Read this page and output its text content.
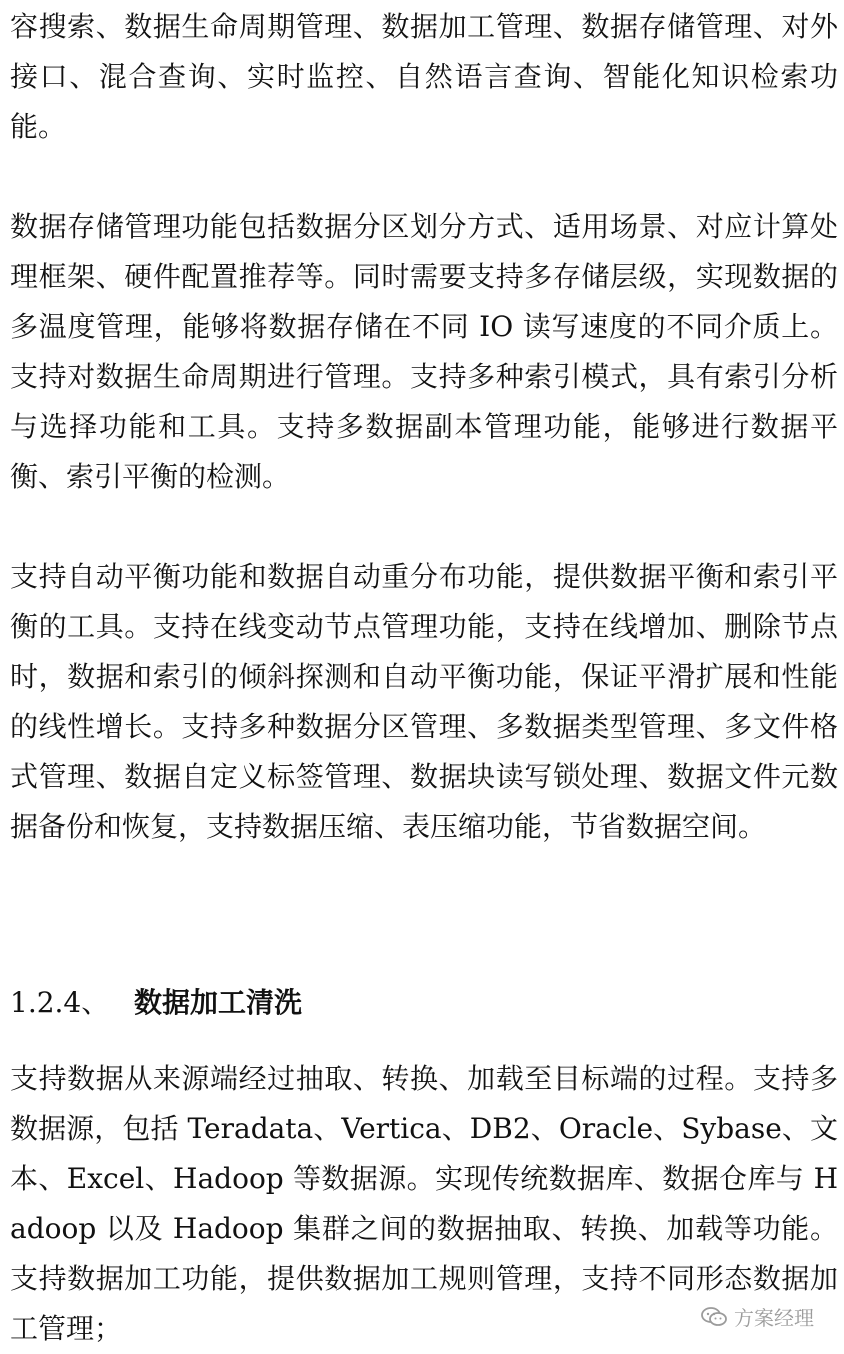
容搜索、数据生命周期管理、数据加工管理、数据存储管理、对外接口、混合查询、实时监控、自然语言查询、智能化知识检索功能。

数据存储管理功能包括数据分区划分方式、适用场景、对应计算处理框架、硬件配置推荐等。同时需要支持多存储层级，实现数据的多温度管理，能够将数据存储在不同 IO 读写速度的不同介质上。支持对数据生命周期进行管理。支持多种索引模式，具有索引分析与选择功能和工具。支持多数据副本管理功能，能够进行数据平衡、索引平衡的检测。

支持自动平衡功能和数据自动重分布功能，提供数据平衡和索引平衡的工具。支持在线变动节点管理功能，支持在线增加、删除节点时，数据和索引的倾斜探测和自动平衡功能，保证平滑扩展和性能的线性增长。支持多种数据分区管理、多数据类型管理、多文件格式管理、数据自定义标签管理、数据块读写锁处理、数据文件元数据备份和恢复，支持数据压缩、表压缩功能，节省数据空间。

1.2.4、 数据加工清洗

支持数据从来源端经过抽取、转换、加载至目标端的过程。支持多数据源，包括 Teradata、Vertica、DB2、Oracle、Sybase、文本、Excel、Hadoop 等数据源。实现传统数据库、数据仓库与 Hadoop 以及 Hadoop 集群之间的数据抽取、转换、加载等功能。支持数据加工功能，提供数据加工规则管理，支持不同形态数据加工管理；	方案经理
